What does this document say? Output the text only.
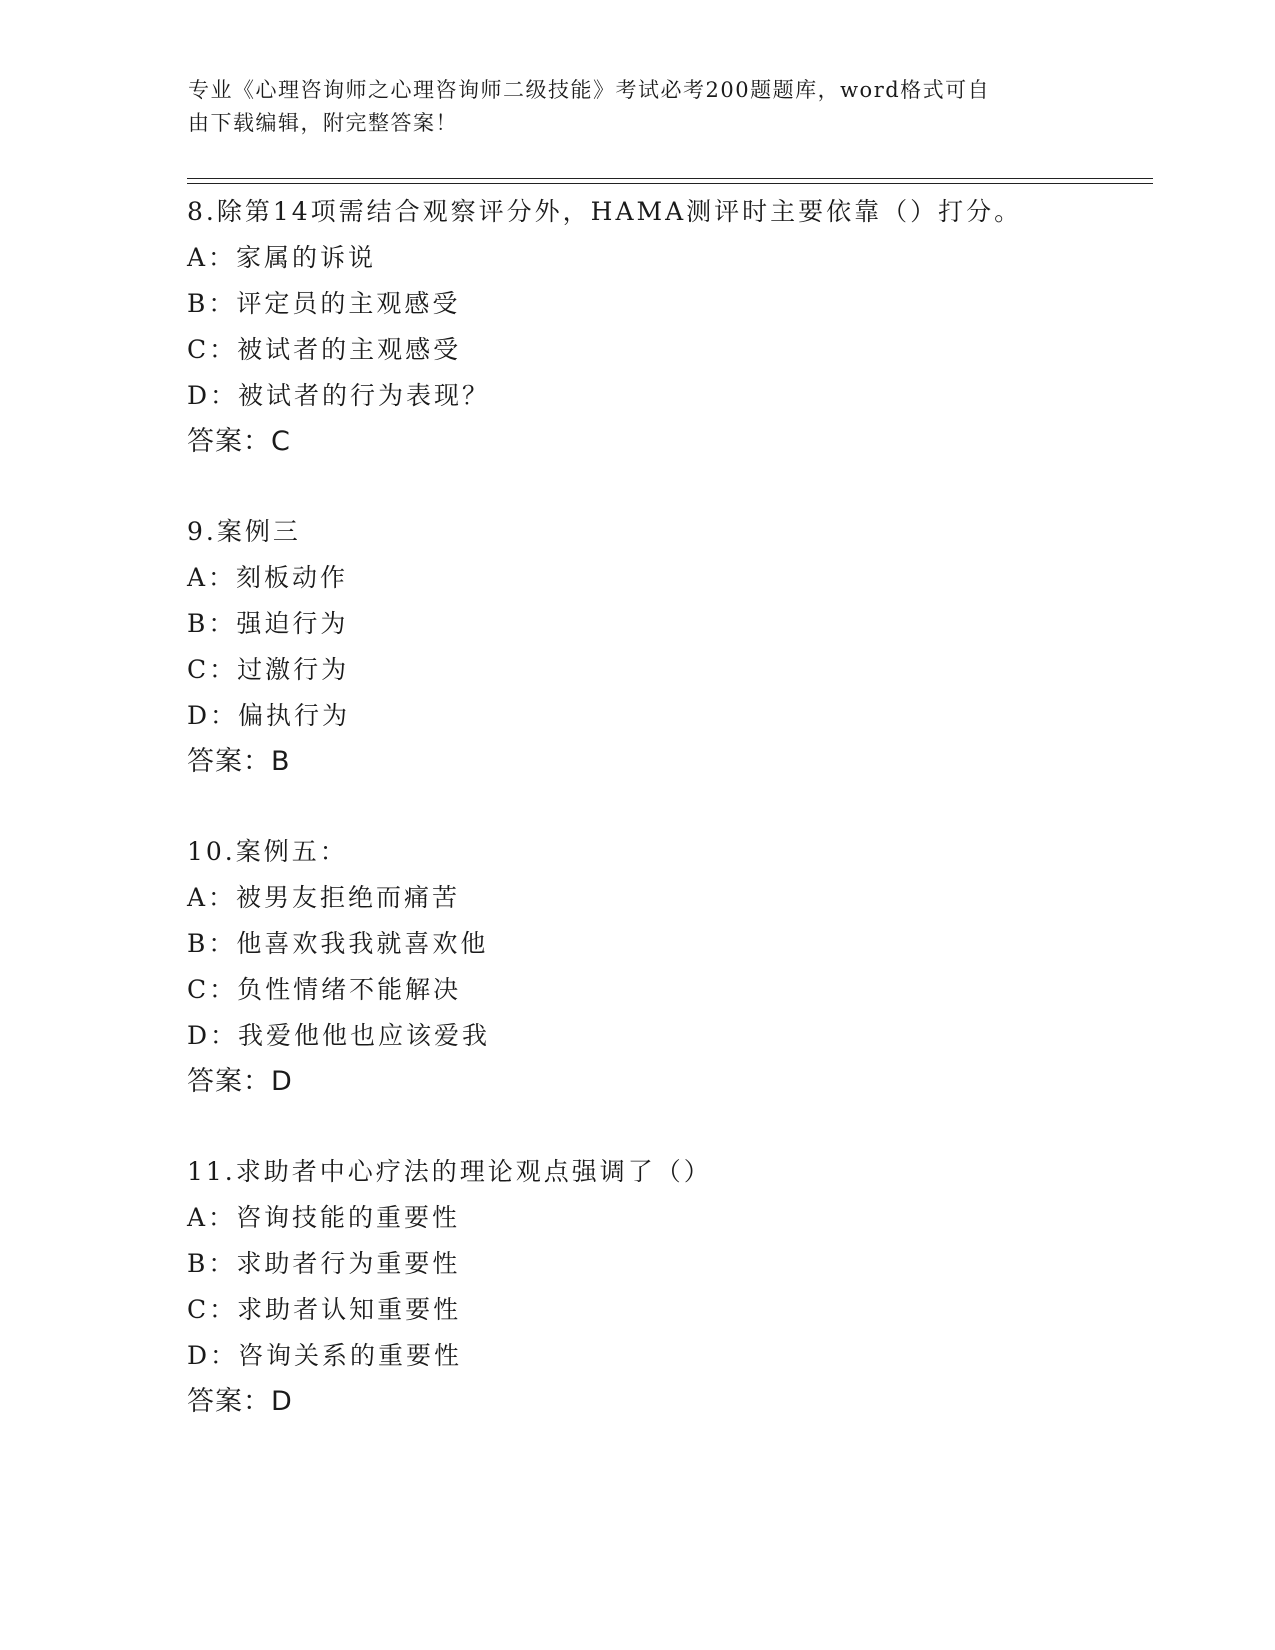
专业《心理咨询师之心理咨询师二级技能》考试必考200题题库，word格式可自
由下载编辑，附完整答案！
8.除第14项需结合观察评分外，HAMA测评时主要依靠（）打分。
A：家属的诉说
B：评定员的主观感受
C：被试者的主观感受
D：被试者的行为表现？
答案：C
9.案例三
A：刻板动作
B：强迫行为
C：过激行为
D：偏执行为
答案：B
10.案例五：
A：被男友拒绝而痛苦
B：他喜欢我我就喜欢他
C：负性情绪不能解决
D：我爱他他也应该爱我
答案：D
11.求助者中心疗法的理论观点强调了（）
A：咨询技能的重要性
B：求助者行为重要性
C：求助者认知重要性
D：咨询关系的重要性
答案：D
